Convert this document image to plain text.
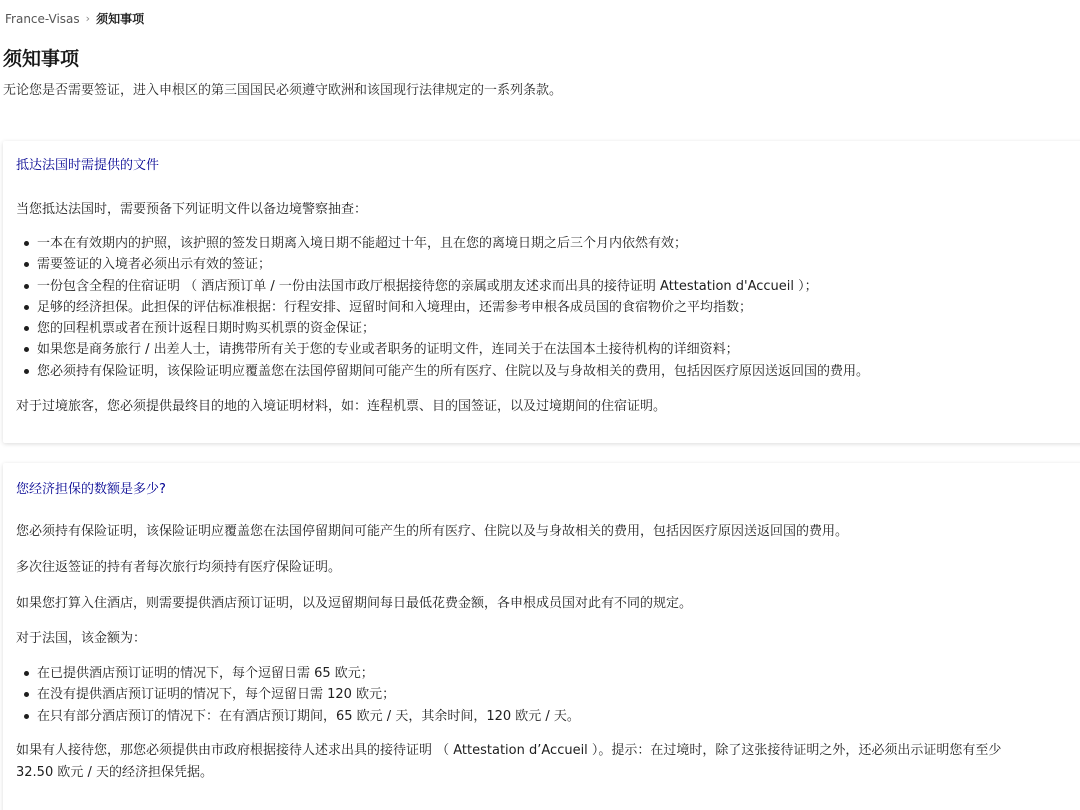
France-Visas › 须知事项
须知事项

无论您是否需要签证，进入申根区的第三国国民必须遵守欧洲和该国现行法律规定的一系列条款。

抵达法国时需提供的文件

当您抵达法国时，需要预备下列证明文件以备边境警察抽查：

一本在有效期内的护照，该护照的签发日期离入境日期不能超过十年，且在您的离境日期之后三个月内依然有效；
需要签证的入境者必须出示有效的签证；
一份包含全程的住宿证明 （ 酒店预订单 / 一份由法国市政厅根据接待您的亲属或朋友述求而出具的接待证明 Attestation d'Accueil ）；
足够的经济担保。此担保的评估标准根据：行程安排、逗留时间和入境理由，还需参考申根各成员国的食宿物价之平均指数；
您的回程机票或者在预计返程日期时购买机票的资金保证；
如果您是商务旅行 / 出差人士，请携带所有关于您的专业或者职务的证明文件，连同关于在法国本土接待机构的详细资料；
您必须持有保险证明，该保险证明应覆盖您在法国停留期间可能产生的所有医疗、住院以及与身故相关的费用，包括因医疗原因送返回国的费用。

对于过境旅客，您必须提供最终目的地的入境证明材料，如：连程机票、目的国签证，以及过境期间的住宿证明。

您经济担保的数额是多少?

您必须持有保险证明，该保险证明应覆盖您在法国停留期间可能产生的所有医疗、住院以及与身故相关的费用，包括因医疗原因送返回国的费用。

多次往返签证的持有者每次旅行均须持有医疗保险证明。

如果您打算入住酒店，则需要提供酒店预订证明，以及逗留期间每日最低花费金额，各申根成员国对此有不同的规定。

对于法国，该金额为：

在已提供酒店预订证明的情况下，每个逗留日需 65 欧元；
在没有提供酒店预订证明的情况下，每个逗留日需 120 欧元；
在只有部分酒店预订的情况下：在有酒店预订期间，65 欧元 / 天，其余时间，120 欧元 / 天。

如果有人接待您，那您必须提供由市政府根据接待人述求出具的接待证明 （ Attestation d’Accueil ）。提示：在过境时，除了这张接待证明之外，还必须出示证明您有至少

32.50 欧元 / 天的经济担保凭据。
